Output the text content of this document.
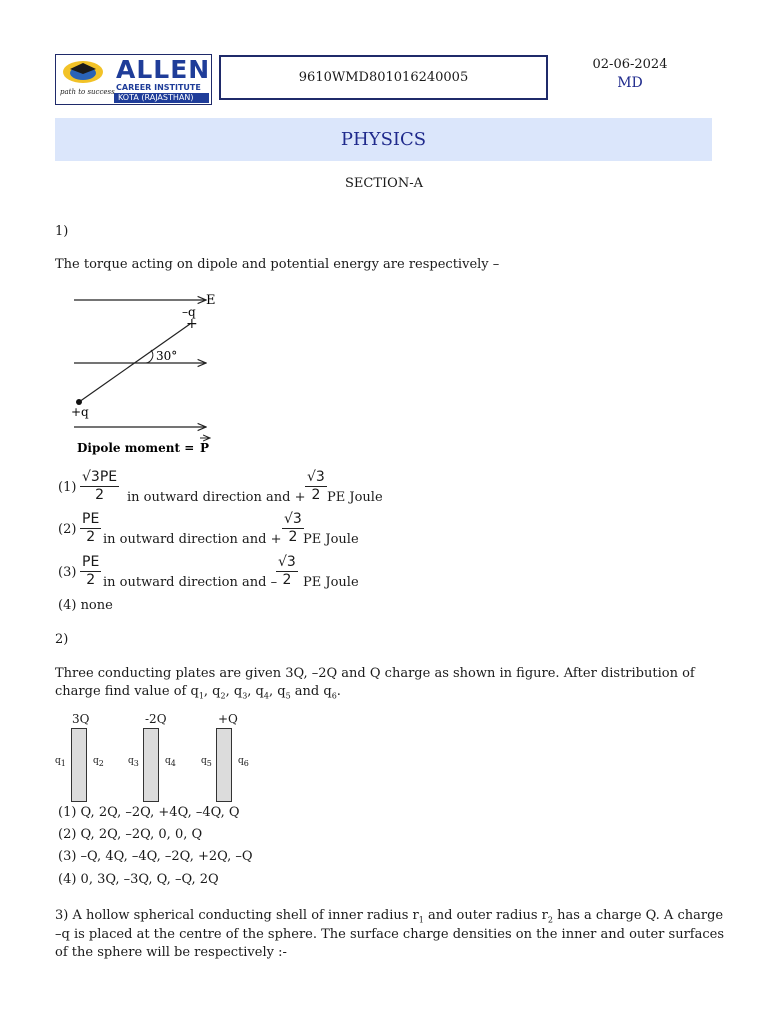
ALLEN
CAREER INSTITUTE
KOTA (RAJASTHAN)
path to success
9610WMD801016240005
02-06-2024
MD
PHYSICS
SECTION-A
1)
The torque acting on dipole and potential energy are respectively –
+
E
–q
+q
30°
Dipole moment = P
$(1) \frac{√3PE}{2}$ in outward direction and + $\frac{√3}{2}$ PE Joule
$(2) \frac{PE}{2}$ in outward direction and + $\frac{√3}{2}$ PE Joule
$(3) \frac{PE}{2}$ in outward direction and –
$\frac{√3}{2}$ PE Joule
(4) none
2)
Three conducting plates are given 3Q, –2Q and Q charge as shown in figure. After distribution of
charge find value of $q_1$, $q_2$, $q_3$, $q_4$, $q_5$ and $q_6$.
3Q	-2Q	+Q
$q_1$	$q_2$	$q_3$	$q_4$	$q_5$	$q_6$
(1) Q, 2Q, –2Q, +4Q, –4Q, Q
(2) Q, 2Q, –2Q, 0, 0, Q
(3) –Q, 4Q, –4Q, –2Q, +2Q, –Q
(4) 0, 3Q, –3Q, Q, –Q, 2Q
3) A hollow spherical conducting shell of inner radius $r_1$ and outer radius $r_2$ has a charge Q. A charge
–q is placed at the centre of the sphere. The surface charge densities on the inner and outer surfaces
of the sphere will be respectively :-
